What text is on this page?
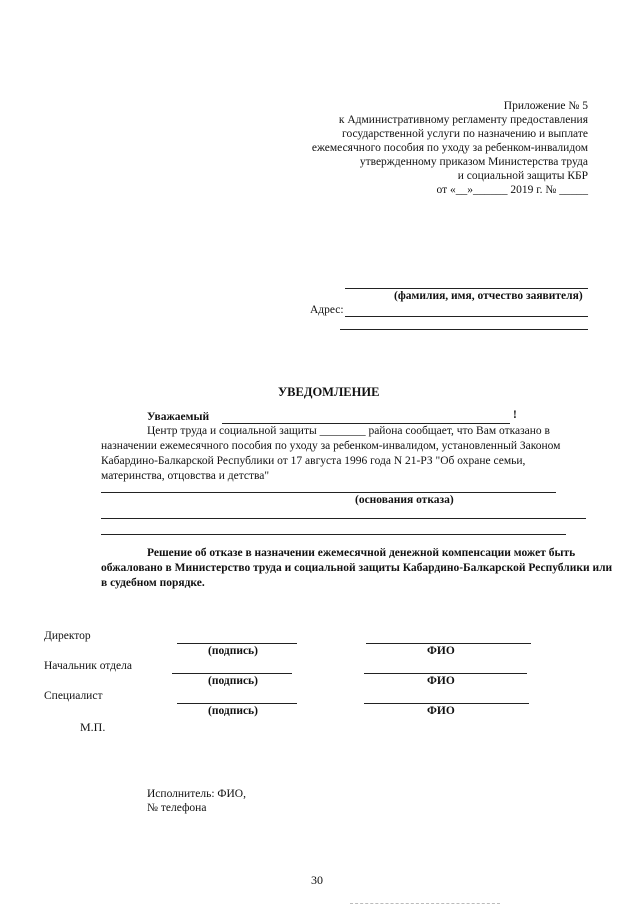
Приложение № 5
к Административному регламенту предоставления
государственной услуги по назначению и выплате
ежемесячного пособия по уходу за ребенком-инвалидом
утвержденному приказом Министерства труда
и социальной защиты КБР
от «__»______ 2019 г. № _____
(фамилия, имя, отчество заявителя)
Адрес:
УВЕДОМЛЕНИЕ
Уважаемый	!
Центр труда и социальной защиты ________ района сообщает, что Вам отказано в
назначении ежемесячного пособия по уходу за ребенком-инвалидом, установленный Законом
Кабардино-Балкарской Республики от 17 августа 1996 года N 21-РЗ "Об охране семьи,
материнства, отцовства и детства"
(основания отказа)
Решение об отказе в назначении ежемесячной денежной компенсации может быть
обжаловано в Министерство труда и социальной защиты Кабардино-Балкарской Республики или
в судебном порядке.
Директор
(подпись)	ФИО
Начальник отдела
(подпись)	ФИО
Специалист
(подпись)	ФИО
М.П.
Исполнитель: ФИО,
№ телефона
30
